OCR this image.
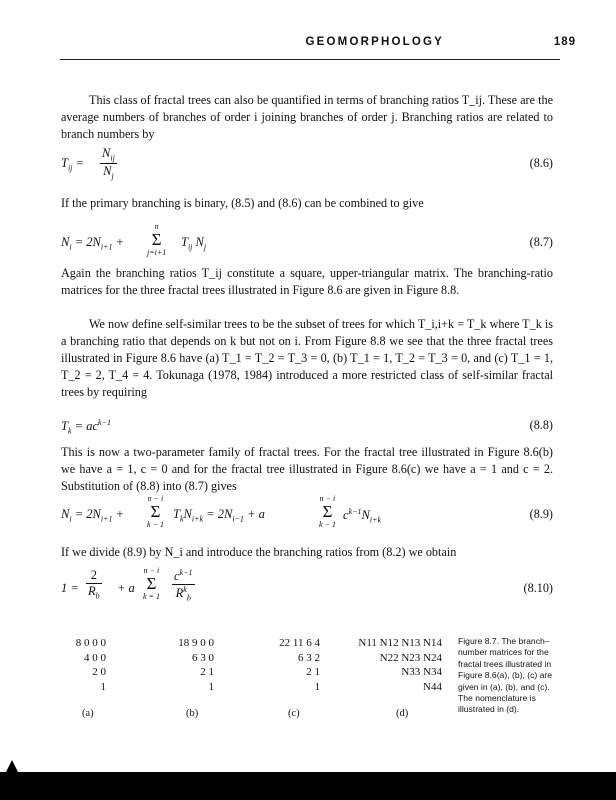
GEOMORPHOLOGY	189
This class of fractal trees can also be quantified in terms of branching ratios T_ij. These are the average numbers of branches of order i joining branches of order j. Branching ratios are related to branch numbers by
$T_{ij}$ =
$N_{ij}$
$N_j$
(8.6)
If the primary branching is binary, (8.5) and (8.6) can be combined to give
$N_i = 2N_{i+1}$ +
n
Σ
j=i+1
$T_{ij}$ $N_j$	(8.7)
Again the branching ratios T_ij constitute a square, upper-triangular matrix. The branching-ratio matrices for the three fractal trees illustrated in Figure 8.6 are given in Figure 8.8.
We now define self-similar trees to be the subset of trees for which T_i,i+k = T_k where T_k is a branching ratio that depends on k but not on i. From Figure 8.8 we see that the three fractal trees illustrated in Figure 8.6 have (a) T_1 = T_2 = T_3 = 0, (b) T_1 = 1, T_2 = T_3 = 0, and (c) T_1 = 1, T_2 = 2, T_4 = 4. Tokunaga (1978, 1984) introduced a more restricted class of self-similar fractal trees by requiring
$T_k = ac^{k-1}$	(8.8)
This is now a two-parameter family of fractal trees. For the fractal tree illustrated in Figure 8.6(b) we have a = 1, c = 0 and for the fractal tree illustrated in Figure 8.6(c) we have a = 1 and c = 2. Substitution of (8.8) into (8.7) gives
$N_i = 2N_{i+1}$ +
n − i
Σ
k − 1
$T_kN_{i+k} = 2N_{i-1} + a$
n − i
Σ
k − 1
$c^{k-1}N_{i+k}$	(8.9)
If we divide (8.9) by N_i and introduce the branching ratios from (8.2) we obtain
$1 = \frac{2}{R_b} + a$
n − i
Σ
k = 1
$c^{k-1}$
$R^k_b$
(8.10)
8 0 0 0
4 0 0
2 0
1
(a)
18 9 0 0
6 3 0
2 1
1
(b)
22 11 6 4
6 3 2
2 1
1
(c)
N11 N12 N13 N14
N22 N23 N24
N33 N34
N44
(d)
Figure 8.7. The branch–number matrices for the fractal trees illustrated in Figure 8.6(a), (b), (c) are given in (a), (b), and (c). The nomenclature is illustrated in (d).
